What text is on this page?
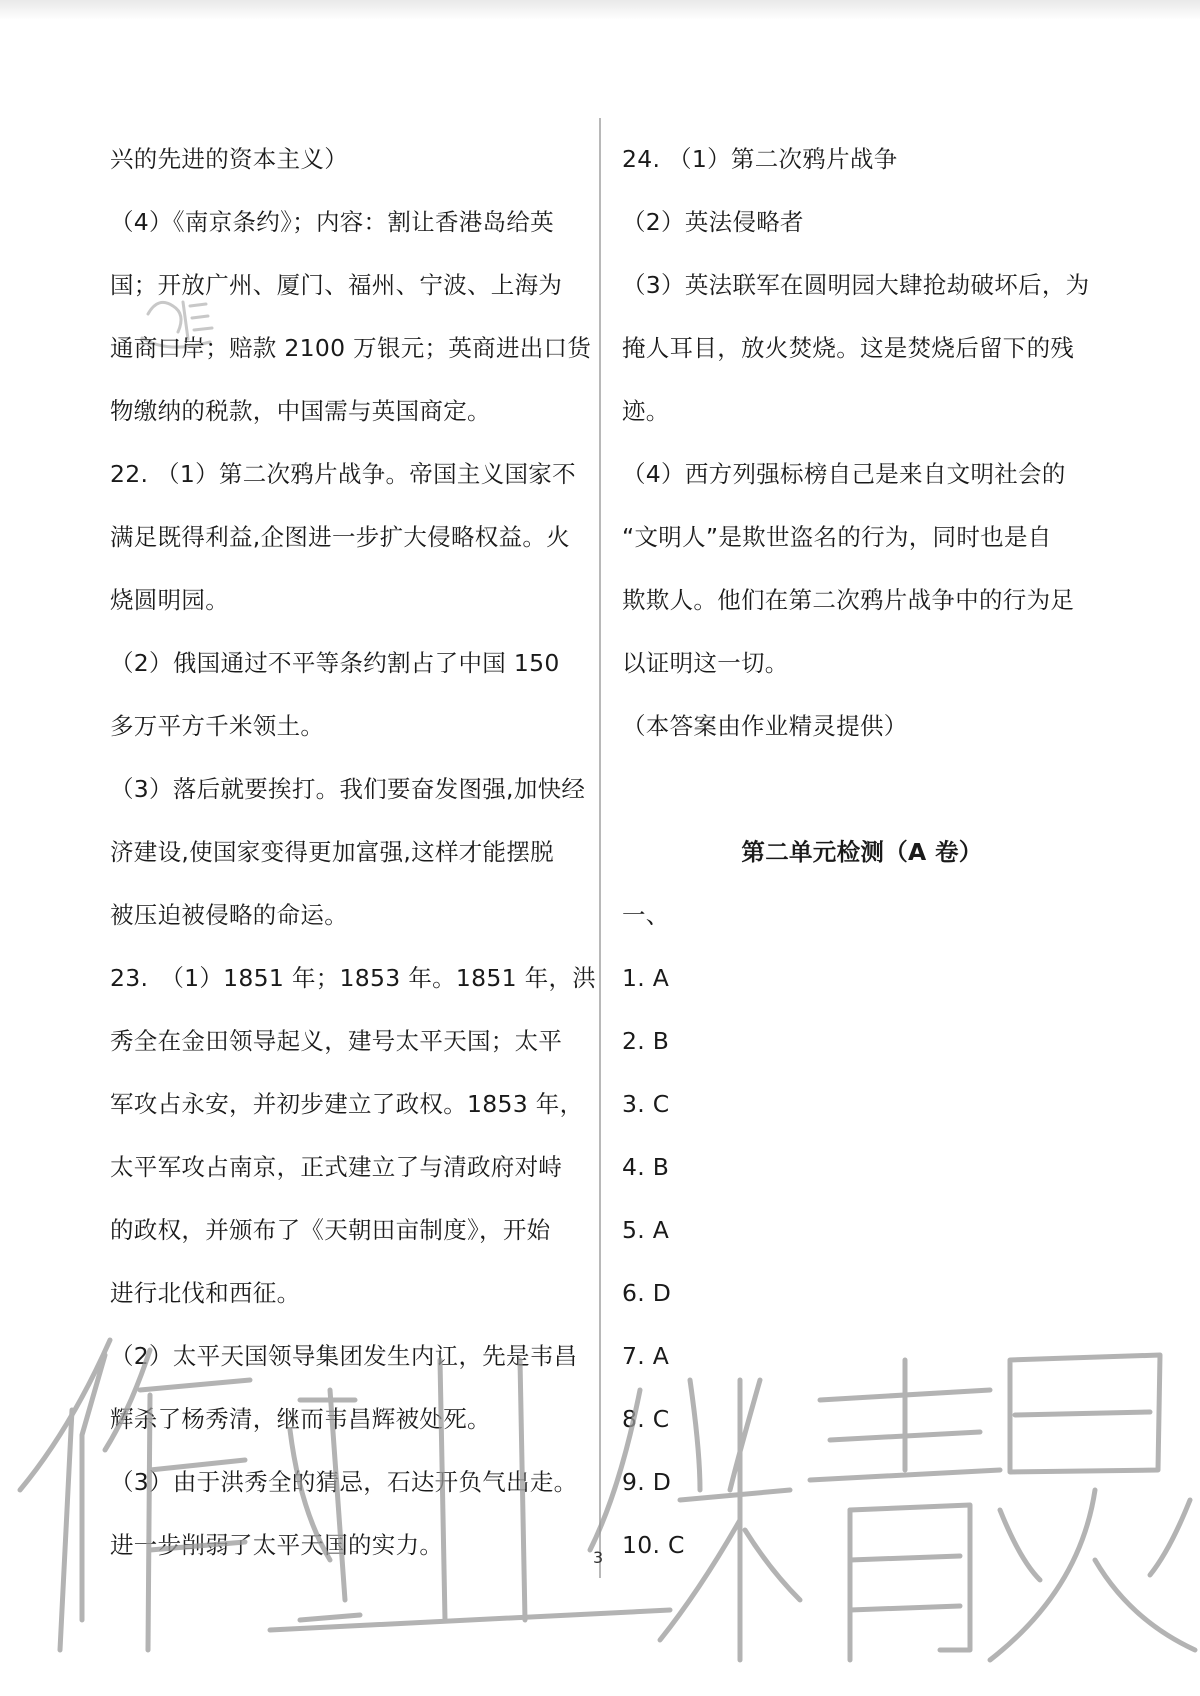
兴的先进的资本主义）
（4）《南京条约》；内容：割让香港岛给英
国；开放广州、厦门、福州、宁波、上海为
通商口岸；赔款 2100 万银元；英商进出口货
物缴纳的税款，中国需与英国商定。
22. （1）第二次鸦片战争。帝国主义国家不
满足既得利益,企图进一步扩大侵略权益。火
烧圆明园。
（2）俄国通过不平等条约割占了中国 150
多万平方千米领土。
（3）落后就要挨打。我们要奋发图强,加快经
济建设,使国家变得更加富强,这样才能摆脱
被压迫被侵略的命运。
23.　（1）1851 年；1853 年。1851 年，洪
秀全在金田领导起义，建号太平天国；太平
军攻占永安，并初步建立了政权。1853 年，
太平军攻占南京，正式建立了与清政府对峙
的政权，并颁布了《天朝田亩制度》，开始
进行北伐和西征。
（2）太平天国领导集团发生内讧，先是韦昌
辉杀了杨秀清，继而韦昌辉被处死。
（3）由于洪秀全的猜忌，石达开负气出走。
进一步削弱了太平天国的实力。
24. （1）第二次鸦片战争
（2）英法侵略者
（3）英法联军在圆明园大肆抢劫破坏后，为
掩人耳目，放火焚烧。这是焚烧后留下的残
迹。
（4）西方列强标榜自己是来自文明社会的
“文明人”是欺世盗名的行为，同时也是自
欺欺人。他们在第二次鸦片战争中的行为足
以证明这一切。
（本答案由作业精灵提供）
第二单元检测（A 卷）
一、
1. A
2. B
3. C
4. B
5. A
6. D
7. A
8. C
9. D
10. C
3
